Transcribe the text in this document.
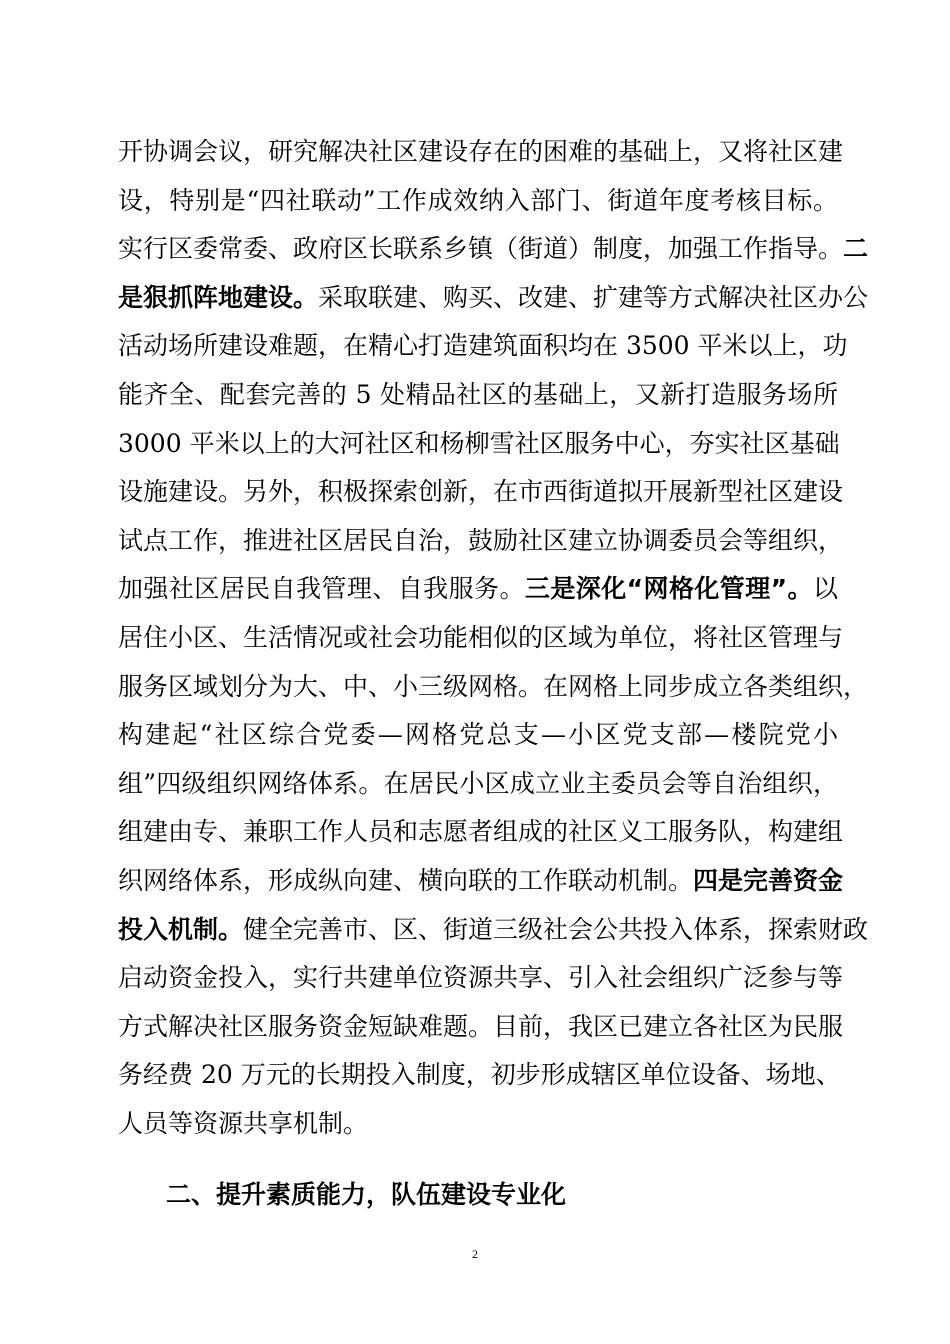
开协调会议，研究解决社区建设存在的困难的基础上，又将社区建
设，特别是“四社联动”工作成效纳入部门、街道年度考核目标。
实行区委常委、政府区长联系乡镇（街道）制度，加强工作指导。二
是狠抓阵地建设。采取联建、购买、改建、扩建等方式解决社区办公
活动场所建设难题，在精心打造建筑面积均在 3500 平米以上，功
能齐全、配套完善的 5 处精品社区的基础上，又新打造服务场所
3000 平米以上的大河社区和杨柳雪社区服务中心，夯实社区基础
设施建设。另外，积极探索创新，在市西街道拟开展新型社区建设
试点工作，推进社区居民自治，鼓励社区建立协调委员会等组织，
加强社区居民自我管理、自我服务。三是深化“网格化管理”。以
居住小区、生活情况或社会功能相似的区域为单位，将社区管理与
服务区域划分为大、中、小三级网格。在网格上同步成立各类组织，
构建起“社区综合党委—网格党总支—小区党支部—楼院党小
组”四级组织网络体系。在居民小区成立业主委员会等自治组织，
组建由专、兼职工作人员和志愿者组成的社区义工服务队，构建组
织网络体系，形成纵向建、横向联的工作联动机制。四是完善资金
投入机制。健全完善市、区、街道三级社会公共投入体系，探索财政
启动资金投入，实行共建单位资源共享、引入社会组织广泛参与等
方式解决社区服务资金短缺难题。目前，我区已建立各社区为民服
务经费 20 万元的长期投入制度，初步形成辖区单位设备、场地、
人员等资源共享机制。
二、提升素质能力，队伍建设专业化
2
